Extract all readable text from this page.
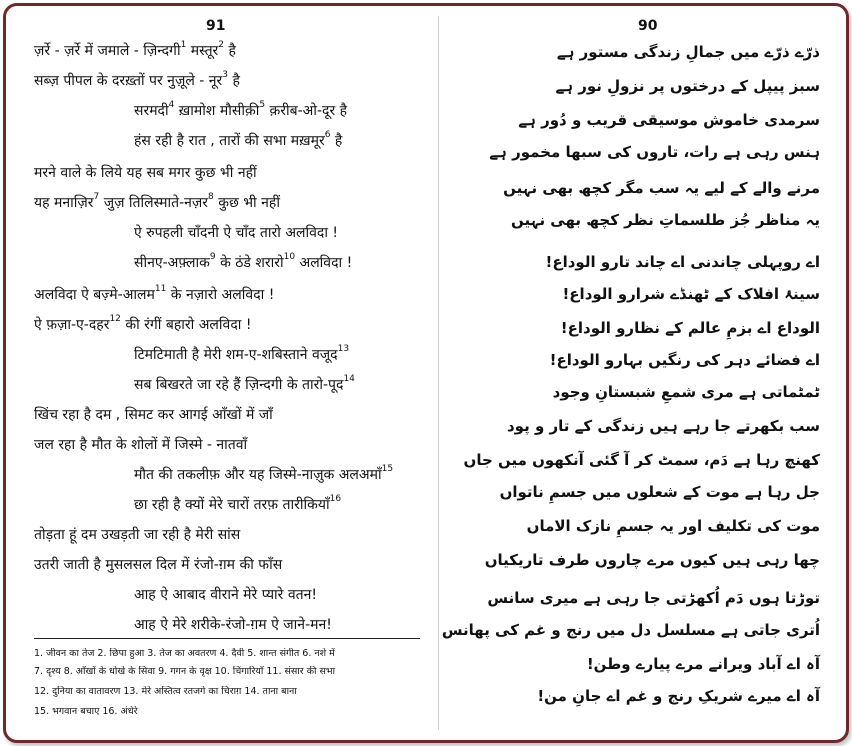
91
ज़र्रे - ज़र्रे में जमाले - ज़िन्दगी$^1$ मस्तूर$^2$ है
सब्ज़ पीपल के दरख़्तों पर नुज़ूले - नूर$^3$ है
सरमदी$^4$ ख़ामोश मौसीक़ी$^5$ क़रीब-ओ-दूर है
हंस रही है रात , तारों की सभा मख़मूर$^6$ है
मरने वाले के लिये यह सब मगर कुछ भी नहीं
यह मनाज़िर$^7$ जुज़ तिलिस्माते-नज़र$^8$ कुछ भी नहीं
ऐ रुपहली चाँदनी ऐ चाँद तारो अलविदा !
सीनए-अफ़्लाक$^9$ के ठंडे शरारो$^{10}$ अलविदा !
अलविदा ऐ बज़्मे-आलम$^{11}$ के नज़ारो अलविदा !
ऐ फ़ज़ा-ए-दहर$^{12}$ की रंगीं बहारो अलविदा !
टिमटिमाती है मेरी शम-ए-शबिस्ताने वजूद$^{13}$
सब बिखरते जा रहे हैं ज़िन्दगी के तारो-पूद$^{14}$
खिंच रहा है दम , सिमट कर आगई आँखों में जाँ
जल रहा है मौत के शोलों में जिस्मे - नातवाँ
मौत की तकलीफ़ और यह जिस्मे-नाज़ुक अलअमाँ$^{15}$
छा रही है क्यों मेरे चारों तरफ़ तारीकियाँ$^{16}$
तोड़ता हूं दम उखड़ती जा रही है मेरी सांस
उतरी जाती है मुसलसल दिल में रंजो-ग़म की फाँस
आह ऐ आबाद वीराने मेरे प्यारे वतन!
आह ऐ मेरे शरीके-रंजो-ग़म ऐ जाने-मन!
1. जीवन का तेज 2. छिपा हुआ 3. तेज का अवतरण 4. दैवी 5. शान्त संगीत 6. नशे में
7. दृश्य 8. आँखों के धोखे के सिवा 9. गगन के वृक्ष 10. चिंगारियाँ 11. संसार की सभा
12. दुनिया का वातावरण 13. मेरे अस्तित्व रतजगे का चिराग़ 14. ताना बाना
15. भगवान बचाए 16. अंधेरे
90
ذرّے ذرّے میں جمالِ زندگی مستور ہے
سبز پیپل کے درختوں پر نزولِ نور ہے
سرمدی خاموش موسیقی قریب و دُور ہے
ہنس رہی ہے رات، تاروں کی سبھا مخمور ہے
مرنے والے کے لیے یہ سب مگر کچھ بھی نہیں
یہ مناظر جُز طلسماتِ نظر کچھ بھی نہیں
اے روپہلی چاندنی اے چاند تارو الوداع!
سینۂ افلاک کے ٹھنڈے شرارو الوداع!
الوداع اے بزمِ عالم کے نظارو الوداع!
اے فضائے دہر کی رنگیں بہارو الوداع!
ٹمٹماتی ہے مری شمعِ شبستانِ وجود
سب بکھرتے جا رہے ہیں زندگی کے تار و پود
کھنچ رہا ہے دَم، سمٹ کر آ گئی آنکھوں میں جاں
جل رہا ہے موت کے شعلوں میں جسمِ ناتواں
موت کی تکلیف اور یہ جسمِ نازک الاماں
چھا رہی ہیں کیوں مرے چاروں طرف تاریکیاں
توڑتا ہوں دَم اُکھڑتی جا رہی ہے میری سانس
اُتری جاتی ہے مسلسل دل میں رنج و غم کی پھانس
آہ اے آباد ویرانے مرے پیارے وطن!
آہ اے میرے شریکِ رنج و غم اے جانِ من!
